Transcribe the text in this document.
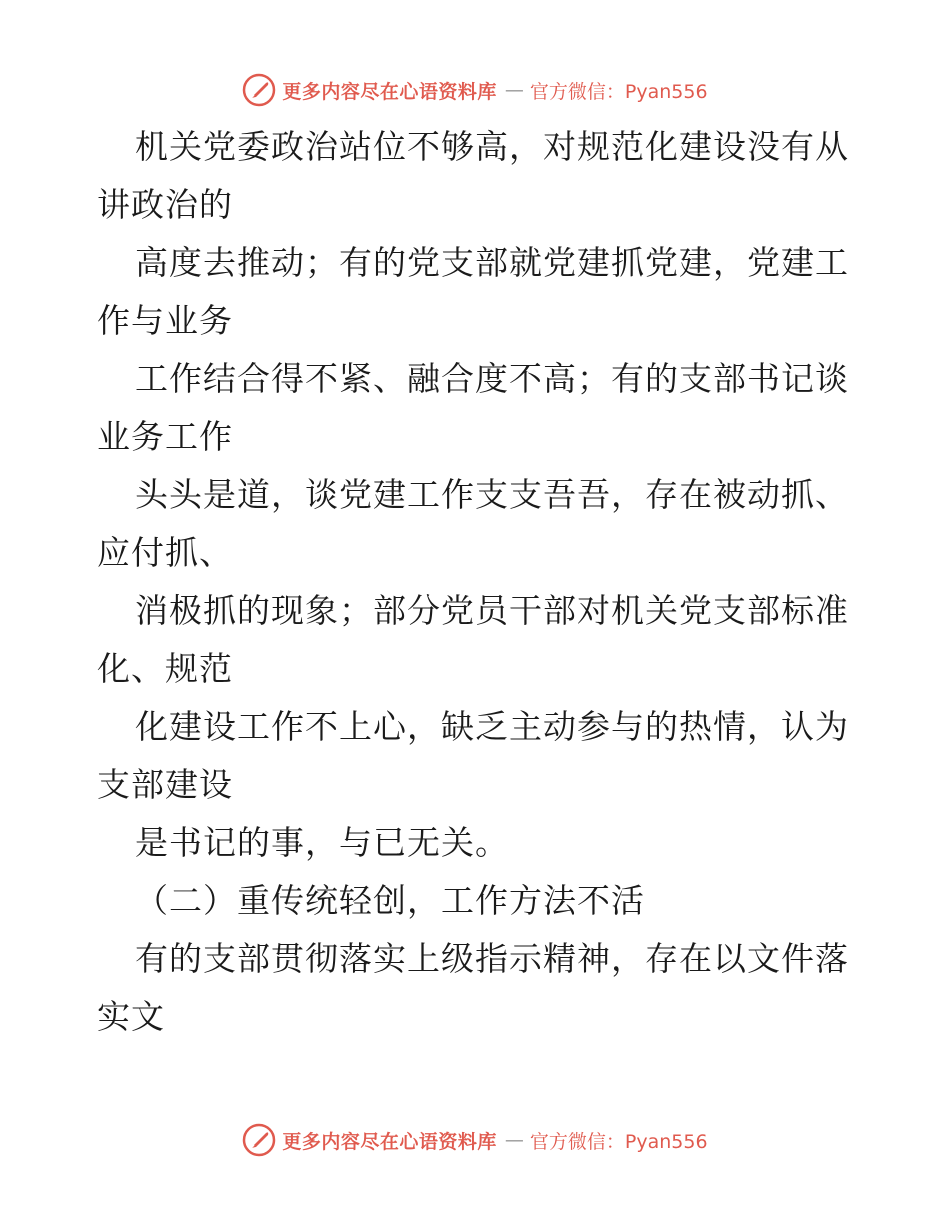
更多内容尽在心语资料库 — 官方微信：Pyan556
机关党委政治站位不够高，对规范化建设没有从
讲政治的
高度去推动；有的党支部就党建抓党建，党建工
作与业务
工作结合得不紧、融合度不高；有的支部书记谈
业务工作
头头是道，谈党建工作支支吾吾，存在被动抓、
应付抓、
消极抓的现象；部分党员干部对机关党支部标准
化、规范
化建设工作不上心，缺乏主动参与的热情，认为
支部建设
是书记的事，与已无关。
（二）重传统轻创，工作方法不活
有的支部贯彻落实上级指示精神，存在以文件落
实文
更多内容尽在心语资料库 — 官方微信：Pyan556
